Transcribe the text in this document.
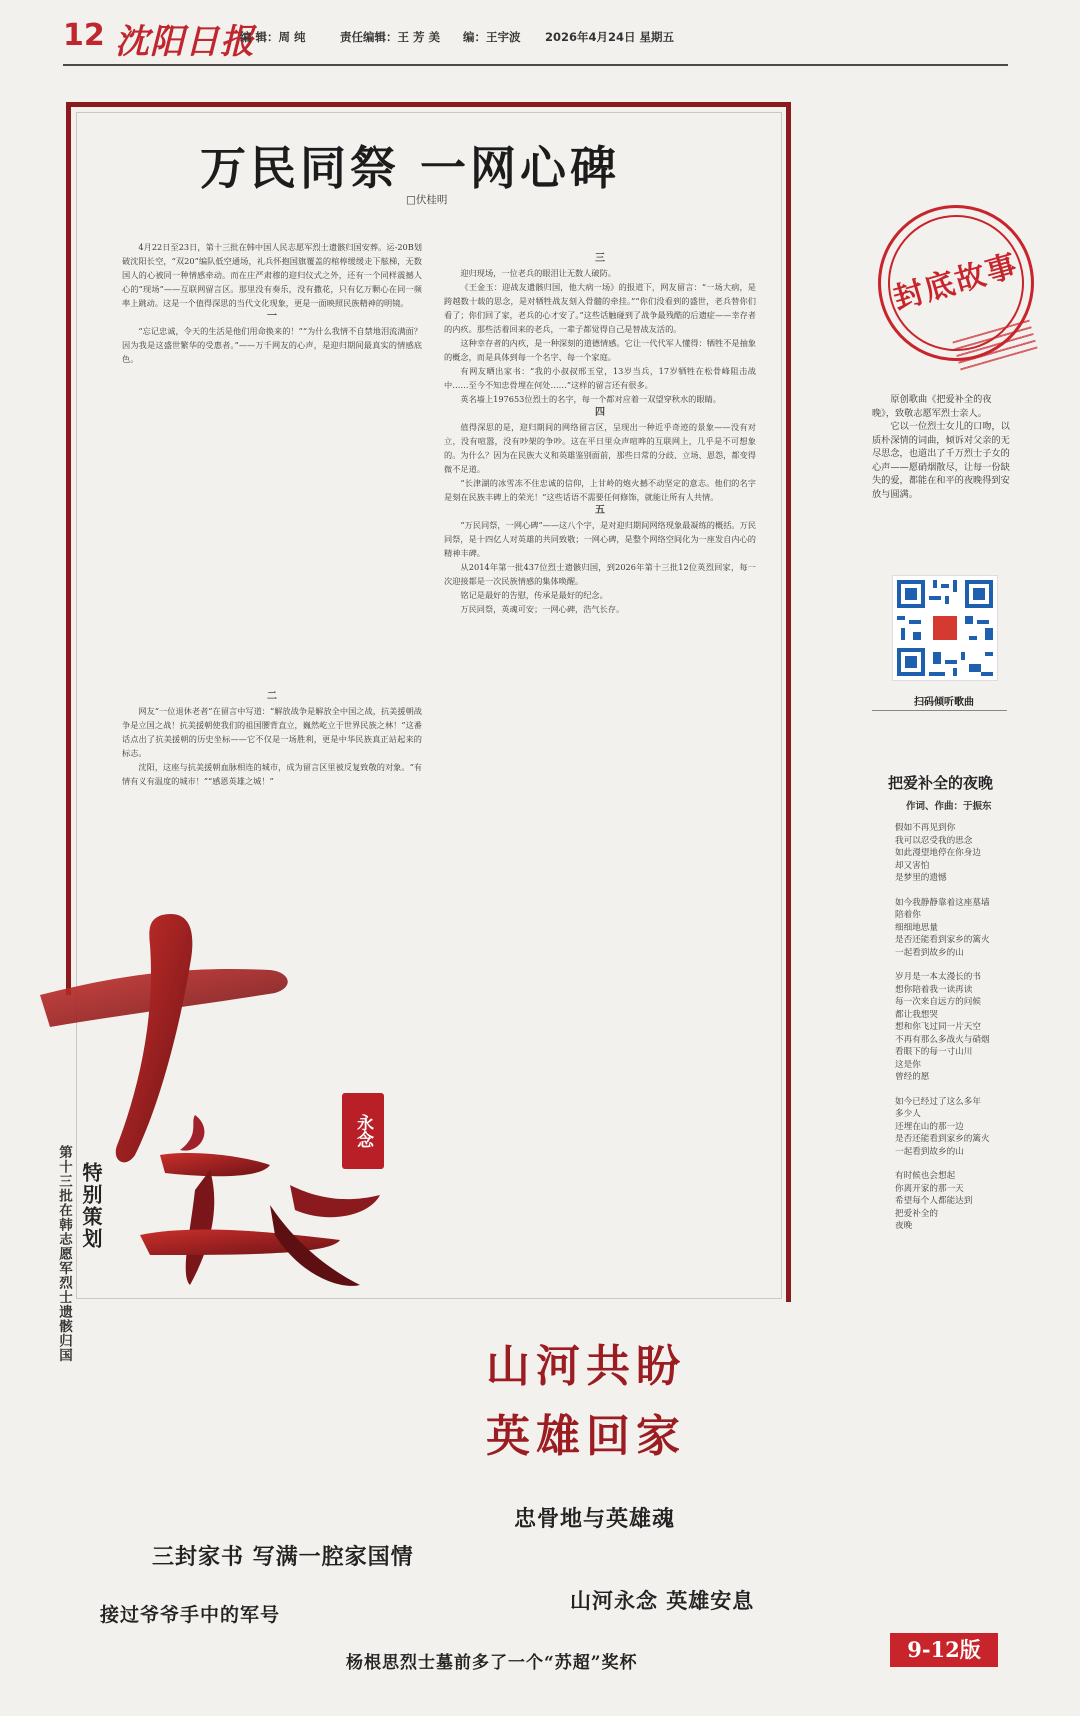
12 沈阳日报
编 辑：周 纯	责任编辑：王 芳 美 编：王宇波 2026年4月24日 星期五
万民同祭 一网心碑
□伏桂明

4月22日至23日，第十三批在韩中国人民志愿军烈士遗骸归国安葬。运-20B划破沈阳长空，“双20”编队低空通场，礼兵怀抱国旗覆盖的棺椁缓缓走下舷梯，无数国人的心被同一种情感牵动。而在庄严肃穆的迎归仪式之外，还有一个同样震撼人心的“现场”——互联网留言区。那里没有奏乐，没有撒花，只有亿万颗心在同一频率上跳动。这是一个值得深思的当代文化现象，更是一面映照民族精神的明镜。

一

“忘记忠诚，令天的生活是他们用命换来的！”“为什么我情不自禁地泪流满面？因为我是这盛世繁华的受惠者。”——万千网友的心声，是迎归期间最真实的情感底色。

二

网友“一位退休老者”在留言中写道：“解放战争是解放全中国之战，抗美援朝战争是立国之战！抗美援朝使我们的祖国腰背直立，巍然屹立于世界民族之林！”这番话点出了抗美援朝的历史坐标——它不仅是一场胜利，更是中华民族真正站起来的标志。

沈阳，这座与抗美援朝血脉相连的城市，成为留言区里被反复致敬的对象。“有情有义有温度的城市！”“感恩英雄之城！”

三

迎归现场，一位老兵的眼泪让无数人破防。

《王金玉：迎战友遗骸归国，他大病一场》的报道下，网友留言：“一场大病，是跨越数十载的思念，是对牺牲战友刻入骨髓的牵挂。”“你们没看到的盛世，老兵替你们看了；你们回了家，老兵的心才安了。”这些话触碰到了战争最残酷的后遗症——幸存者的内疚。那些活着回来的老兵，一辈子都觉得自己是替战友活的。

这种幸存者的内疚，是一种深刻的道德情感。它让一代代军人懂得：牺牲不是抽象的概念，而是具体到每一个名字、每一个家庭。

有网友晒出家书：“我的小叔叔邢玉堂，13岁当兵，17岁牺牲在松骨峰阻击战中……至今不知忠骨埋在何处……”这样的留言还有很多。

英名墙上197653位烈士的名字，每一个都对应着一双望穿秋水的眼睛。

四

值得深思的是，迎归期间的网络留言区，呈现出一种近乎奇迹的景象——没有对立，没有喧嚣，没有吵架的争吵。这在平日里众声喧哗的互联网上，几乎是不可想象的。为什么？因为在民族大义和英雄鉴别面前，那些日常的分歧、立场、恩怨，都变得微不足道。

“长津湖的冰雪冻不住忠诚的信仰，上甘岭的炮火撼不动坚定的意志。他们的名字是刻在民族丰碑上的荣光！”这些话语不需要任何修饰，就能让所有人共情。

五

“万民同祭，一网心碑”——这八个字，是对迎归期间网络现象最凝练的概括。万民同祭，是十四亿人对英雄的共同致敬；一网心碑，是整个网络空间化为一座发自内心的精神丰碑。

从2014年第一批437位烈士遗骸归国，到2026年第十三批12位英烈回家，每一次迎接都是一次民族情感的集体唤醒。

铭记是最好的告慰，传承是最好的纪念。

万民同祭，英魂可安；一网心碑，浩气长存。

封底故事

原创歌曲《把爱补全的夜晚》，致敬志愿军烈士亲人。

它以一位烈士女儿的口吻，以质朴深情的词曲，倾诉对父亲的无尽思念，也道出了千万烈士子女的心声——愿硝烟散尽，让每一份缺失的爱，都能在和平的夜晚得到安放与圆满。

扫码倾听歌曲
把爱补全的夜晚
作词、作曲：于振东
假如不再见到你
我可以忍受我的思念
如此漫望地停在你身边
却又害怕
是梦里的遗憾
如今我静静靠着这座墓墙
陪着你
细细地思量
是否还能看到家乡的篱火
一起看到故乡的山
岁月是一本太漫长的书
想你陪着我一读再读
每一次来自远方的问候
都让我想哭
想和你飞过同一片天空
不再有那么多战火与硝烟
看眼下的每一寸山川
这是你
曾经的愿
如今已经过了这么多年
多少人
还埋在山的那一边
是否还能看到家乡的篱火
一起看到故乡的山
有时候也会想起
你离开家的那一天
希望每个人都能达到
把爱补全的
夜晚
永念
特别策划
第十三批在韩志愿军烈士遗骸归国
山河共盼
英雄回家
忠骨地与英雄魂
三封家书 写满一腔家国情
接过爷爷手中的军号
山河永念 英雄安息
杨根思烈士墓前多了一个“苏超”奖杯
9-12版
